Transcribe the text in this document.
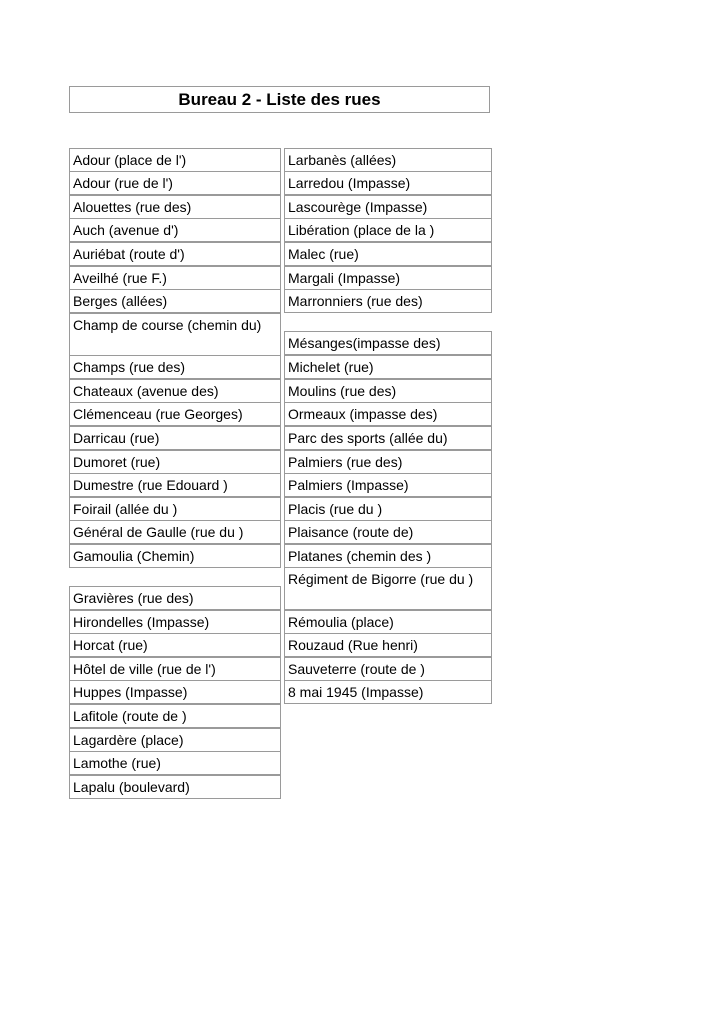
Bureau 2 - Liste des rues
Adour (place de l')
Adour (rue de l')
Alouettes (rue des)
Auch (avenue d')
Auriébat (route d')
Aveilhé (rue F.)
Berges (allées)
Champ de course (chemin du)
Champs (rue des)
Chateaux (avenue des)
Clémenceau (rue Georges)
Darricau (rue)
Dumoret (rue)
Dumestre (rue Edouard )
Foirail (allée du )
Général de Gaulle (rue du )
Gamoulia (Chemin)
Gravières (rue des)
Hirondelles (Impasse)
Horcat (rue)
Hôtel de ville (rue de l')
Huppes (Impasse)
Lafitole (route de )
Lagardère (place)
Lamothe (rue)
Lapalu (boulevard)
Larbanès (allées)
Larredou (Impasse)
Lascourège (Impasse)
Libération (place de la )
Malec (rue)
Margali (Impasse)
Marronniers (rue des)
Mésanges(impasse des)
Michelet (rue)
Moulins (rue des)
Ormeaux (impasse des)
Parc des sports (allée du)
Palmiers (rue des)
Palmiers (Impasse)
Placis (rue du )
Plaisance (route de)
Platanes (chemin des )
Régiment de Bigorre (rue du )
Rémoulia (place)
Rouzaud (Rue henri)
Sauveterre (route de )
8 mai 1945 (Impasse)
